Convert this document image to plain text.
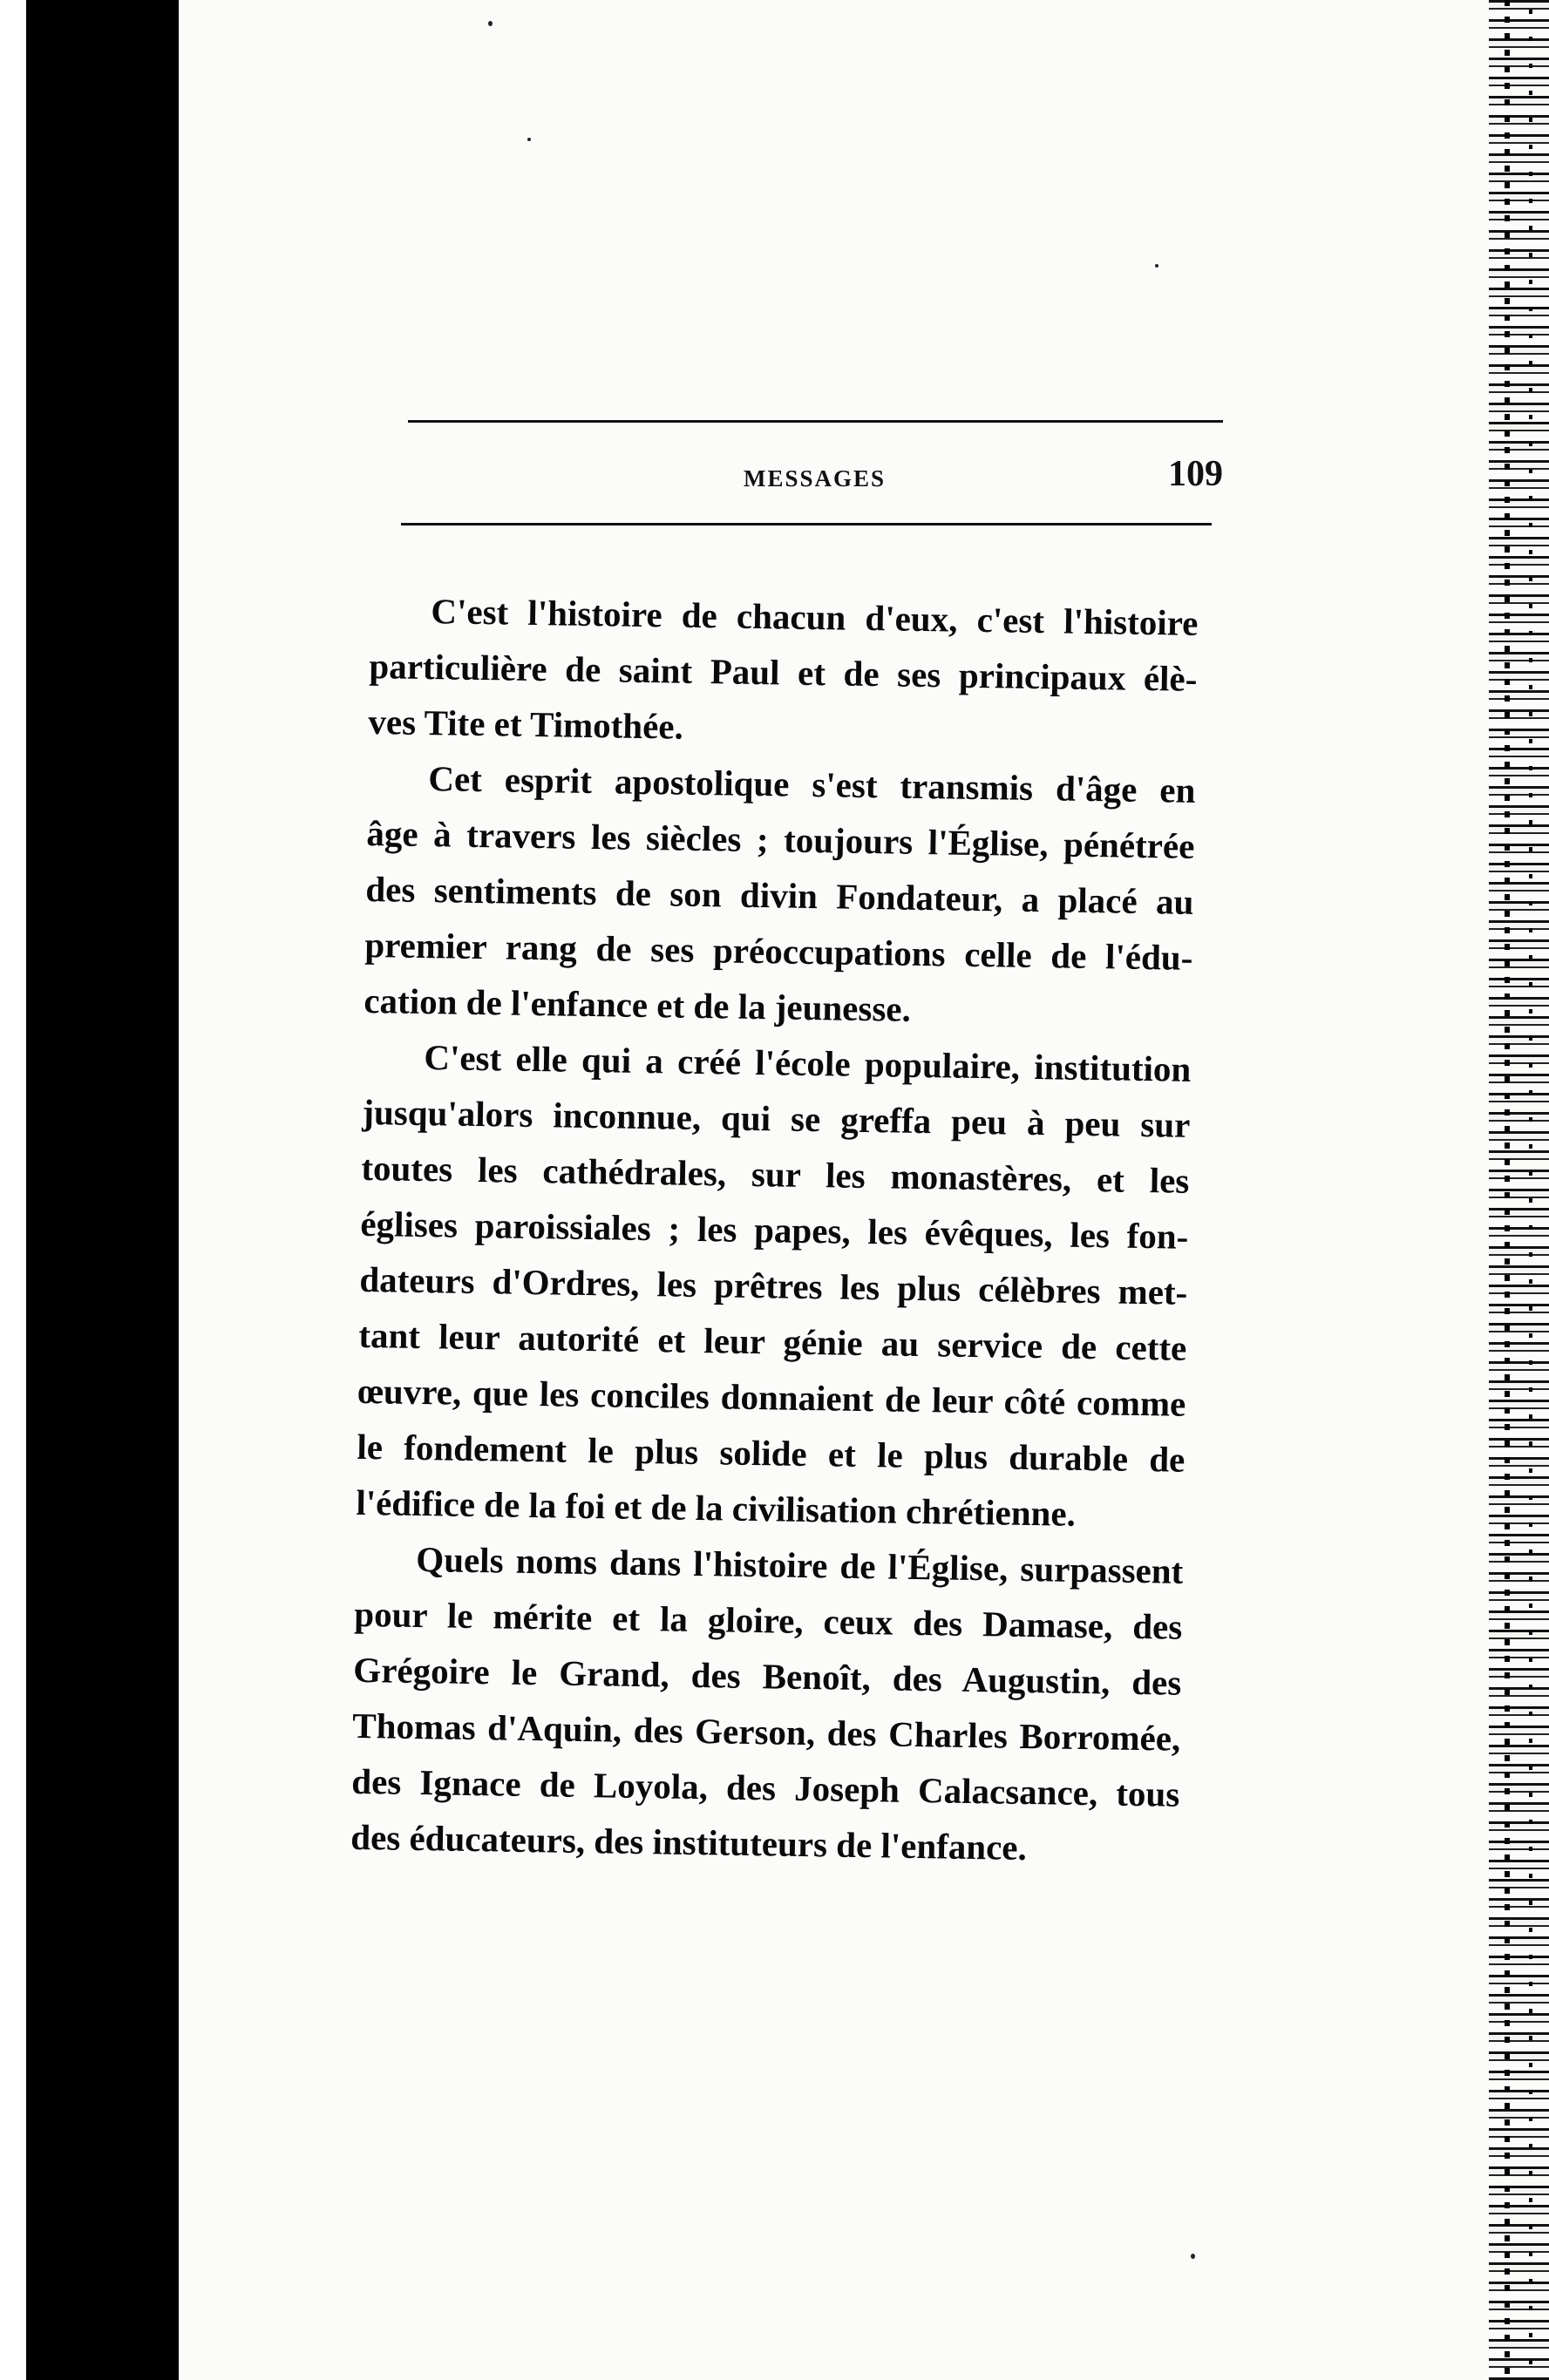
MESSAGES	109
C'est l'histoire de chacun d'eux, c'est l'histoire
particulière de saint Paul et de ses principaux élè-
ves Tite et Timothée.
Cet esprit apostolique s'est transmis d'âge en
âge à travers les siècles ; toujours l'Église, pénétrée
des sentiments de son divin Fondateur, a placé au
premier rang de ses préoccupations celle de l'édu-
cation de l'enfance et de la jeunesse.
C'est elle qui a créé l'école populaire, institution
jusqu'alors inconnue, qui se greffa peu à peu sur
toutes les cathédrales, sur les monastères, et les
églises paroissiales ; les papes, les évêques, les fon-
dateurs d'Ordres, les prêtres les plus célèbres met-
tant leur autorité et leur génie au service de cette
œuvre, que les conciles donnaient de leur côté comme
le fondement le plus solide et le plus durable de
l'édifice de la foi et de la civilisation chrétienne.
Quels noms dans l'histoire de l'Église, surpassent
pour le mérite et la gloire, ceux des Damase, des
Grégoire le Grand, des Benoît, des Augustin, des
Thomas d'Aquin, des Gerson, des Charles Borromée,
des Ignace de Loyola, des Joseph Calacsance, tous
des éducateurs, des instituteurs de l'enfance.
